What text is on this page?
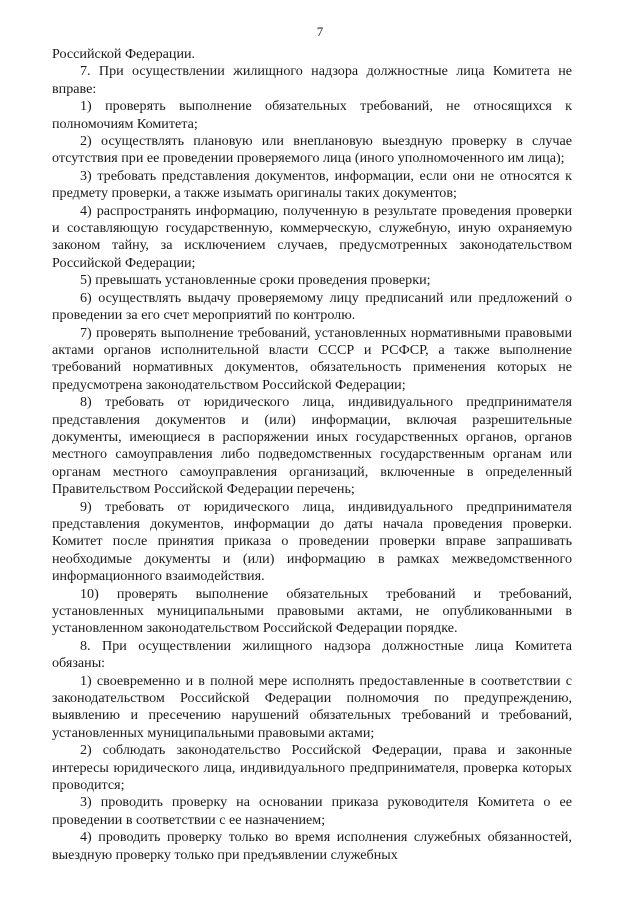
7

Российской Федерации.

7. При осуществлении жилищного надзора должностные лица Комитета не вправе:

1) проверять выполнение обязательных требований, не относящихся к полномочиям Комитета;

2) осуществлять плановую или внеплановую выездную проверку в случае отсутствия при ее проведении проверяемого лица (иного уполномоченного им лица);

3) требовать представления документов, информации, если они не относятся к предмету проверки, а также изымать оригиналы таких документов;

4) распространять информацию, полученную в результате проведения проверки и составляющую государственную, коммерческую, служебную, иную охраняемую законом тайну, за исключением случаев, предусмотренных законодательством Российской Федерации;

5) превышать установленные сроки проведения проверки;

6) осуществлять выдачу проверяемому лицу предписаний или предложений о проведении за его счет мероприятий по контролю.

7) проверять выполнение требований, установленных нормативными правовыми актами органов исполнительной власти СССР и РСФСР, а также выполнение требований нормативных документов, обязательность применения которых не предусмотрена законодательством Российской Федерации;

8) требовать от юридического лица, индивидуального предпринимателя представления документов и (или) информации, включая разрешительные документы, имеющиеся в распоряжении иных государственных органов, органов местного самоуправления либо подведомственных государственным органам или органам местного самоуправления организаций, включенные в определенный Правительством Российской Федерации перечень;

9) требовать от юридического лица, индивидуального предпринимателя представления документов, информации до даты начала проведения проверки. Комитет после принятия приказа о проведении проверки вправе запрашивать необходимые документы и (или) информацию в рамках межведомственного информационного взаимодействия.

10) проверять выполнение обязательных требований и требований, установленных муниципальными правовыми актами, не опубликованными в установленном законодательством Российской Федерации порядке.

8. При осуществлении жилищного надзора должностные лица Комитета обязаны:

1) своевременно и в полной мере исполнять предоставленные в соответствии с законодательством Российской Федерации полномочия по предупреждению, выявлению и пресечению нарушений обязательных требований и требований, установленных муниципальными правовыми актами;

2) соблюдать законодательство Российской Федерации, права и законные интересы юридического лица, индивидуального предпринимателя, проверка которых проводится;

3) проводить проверку на основании приказа руководителя Комитета о ее проведении в соответствии с ее назначением;

4) проводить проверку только во время исполнения служебных обязанностей, выездную проверку только при предъявлении служебных
